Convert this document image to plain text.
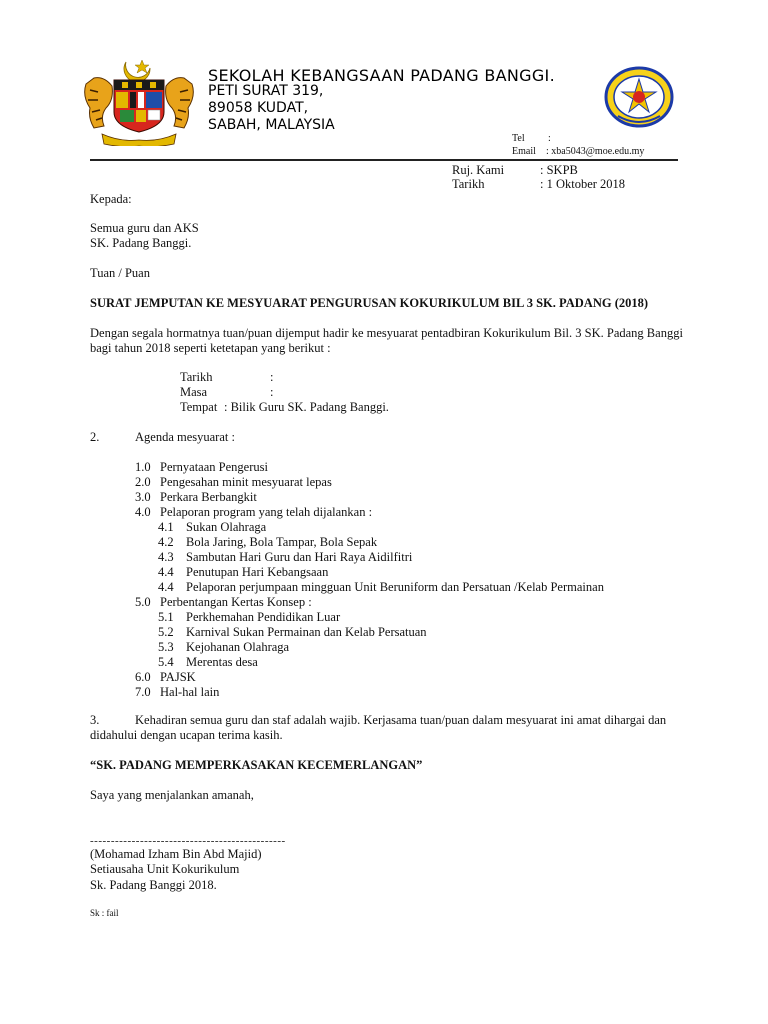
SEKOLAH KEBANGSAAN PADANG BANGGI.
PETI SURAT 319,
89058 KUDAT,
SABAH, MALAYSIA
Tel :
Email : xba5043@moe.edu.my
Ruj. Kami	: SKPB
Tarikh	: 1 Oktober 2018
Kepada:
Semua guru dan AKS
SK. Padang Banggi.
Tuan / Puan
SURAT JEMPUTAN KE MESYUARAT PENGURUSAN KOKURIKULUM BIL 3 SK. PADANG (2018)
Dengan segala hormatnya tuan/puan dijemput hadir ke mesyuarat pentadbiran Kokurikulum Bil. 3 SK. Padang Banggi
bagi tahun 2018 seperti ketetapan yang berikut :
Tarikh	:
Masa	:
Tempat : Bilik Guru SK. Padang Banggi.
2.	Agenda mesyuarat :
1.0 Pernyataan Pengerusi
2.0 Pengesahan minit mesyuarat lepas
3.0 Perkara Berbangkit
4.0 Pelaporan program yang telah dijalankan :
4.1 Sukan Olahraga
4.2 Bola Jaring, Bola Tampar, Bola Sepak
4.3 Sambutan Hari Guru dan Hari Raya Aidilfitri
4.4 Penutupan Hari Kebangsaan
4.4 Pelaporan perjumpaan mingguan Unit Beruniform dan Persatuan /Kelab Permainan
5.0 Perbentangan Kertas Konsep :
5.1 Perkhemahan Pendidikan Luar
5.2 Karnival Sukan Permainan dan Kelab Persatuan
5.3 Kejohanan Olahraga
5.4 Merentas desa
6.0 PAJSK
7.0 Hal-hal lain
3.	Kehadiran semua guru dan staf adalah wajib. Kerjasama tuan/puan dalam mesyuarat ini amat dihargai dan
didahului dengan ucapan terima kasih.
“SK. PADANG MEMPERKASAKAN KECEMERLANGAN”
Saya yang menjalankan amanah,
-----------------------------------------------
(Mohamad Izham Bin Abd Majid)
Setiausaha Unit Kokurikulum
Sk. Padang Banggi 2018.
Sk : fail
